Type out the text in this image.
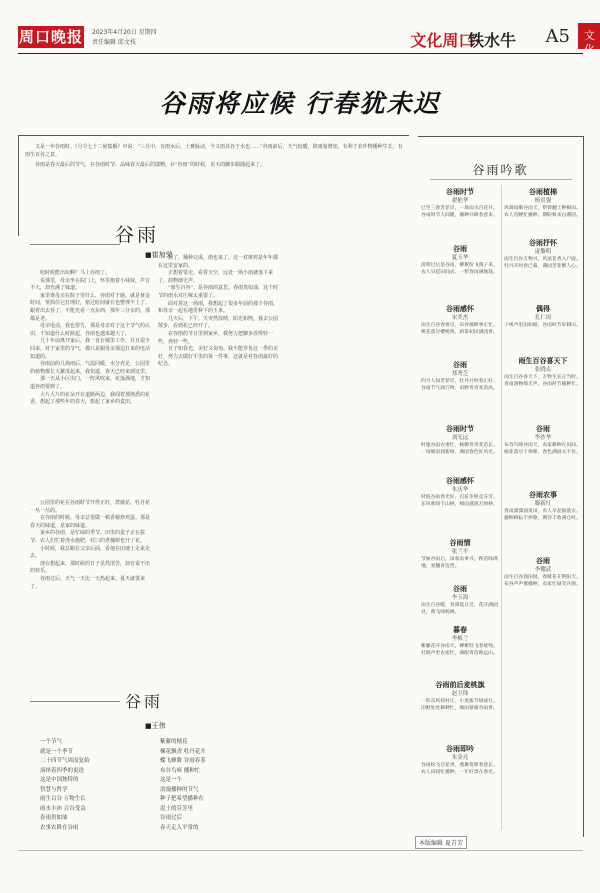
周口晚报 2023年4月20日 星期四
责任编辑 邱文枝	文化周口·
铁水牛 A5 文化
谷雨将应候 行春犹未迟

又是一年谷雨时。《月令七十二候集解》中说：“三月中，自雨水后，土膏脉动，今又雨其谷于水也……”谷雨前后，天气较暖，降雨量增加，有利于农作物播种生长，有雨生百谷之意。

谷雨是春天最后的节气，在谷雨时节，品味春天最后的馈赠，在“谷雨”的时候，见天的脚步跟随起来了。

谷雨
■崔加荣

哈时候能出玩啊？马上谷雨了。

说那里，母亲坐在院门上，怀里抱着小妹妹，声音不大，却充满了味道。

家里谁母亲在院子里什么，谷雨对于她，就是黄金时间，要抓住它打理好，错过时间就在也整理不上了。跟着出去看了，不能光看一点东西，那年三分亲的，那都是老。

母亲电话，我也要告，那是母亲对于这个节气的认识，不知道什么时候起，谷雨也越来越大了。

几十年前离开家后，我一直在城里工作，并且很少回来。对于家里的节气，都只是跟母亲那边打来的电话知道的。

谷雨前的几场雨后，气温回暖，水分充足，公园里的植物都长大繁茂起来，我知道，春天已经来到这里。

那一天从小区出门，一阵风吹来，花落满地，才知道谷雨要到了。

大片大片的花朵开在道路两边，我闻着那熟悉的花香，想起了那些年的春天，想起了家乡的麦田。

公园里的花在谷雨时节开得正旺，蔷薇花、牡丹花一丛一丛的。

在谷雨的时候，母亲总要做一顿香椿炒鸡蛋。那是春天的味道，是家的味道。

家乡的谷雨，是忙碌的季节。田里的麦子正在拔节，农人们忙着浇水施肥，村口的老槐树也开了花。

小时候，我总跟在父亲后面，看他在田埂上走来走去。

现在想起来，那时候的日子虽然清苦，却有说不出的快乐。

谷雨过后，天气一天比一天热起来，夏天就要来了。

到了，播种完成，雨也来了。这一对斑鸠是年年都在这里安家的。

正想着要走，看着天空，远处一场小雨就落下来了，润物细无声。

“雨生百谷”，是谷雨的意思。春雨贵如油，这个时节的雨水对庄稼太重要了。

面对着这一场雨，我想起了很多年前的那个谷雨，和母亲一起在地里种下的玉米。

几天后，下午，天突然放晴，阳光和煦，我去公园散步，看到花已经开了。

在谷雨的节日里到家乡，我努力把脚步放得轻一些，再轻一些。

日子如春光，美好又匆匆。我不能辜负这一季的美好，努力去做好手里的每一件事，这就是对谷雨最好的纪念。

谷雨
■王伟
一个节气
就是一个季节
二十四节气周而复始
演绎着四季的更迭
这是中国独特的
智慧与哲学
雨生百谷 万物生长
雨水丰沛 百谷受益
春雨贵如油
农事农耕在谷雨
紫藤的梗花
楝花飘香 牡丹花开
蝶飞蜂舞 谷雨春茶
布谷鸟啼 播种忙
这是一个
浪漫播种的节气
种子把希望播种在
泥土的芬芳里
谷雨过后
春天走入平常的
谷雨吟歌
谷雨时节
翟艳华
已至三春芳菲尽，一场雨水百花开。谷雨时节人间暖，播种开耕春意来。
谷雨
夏玉华
清明过后是谷雨，柳絮纷飞燕子来。农人早起田间去，一犁春雨满地栽。
谷雨感怀
宋美杰
雨生百谷春将尽，布谷催耕事正忙。桃花落尽樱桃熟，新茶初试满园香。
谷雨
郑秀芝
四月人间芳菲尽，牡丹开时春正好。谷雨节气润万物，田野青青麦苗高。
谷雨时节
刘光远
时逢谷雨农事忙，杨柳青青麦苗长。一场细雨润新绿，满园春色好风光。
谷雨感怀
朱庆华
时值谷雨春光好，百花争艳竞芬芳。东风吹绿千山树，细雨滋润万顷秧。
谷雨情
张兰平
节候谷雨后，田家农事兴。秧苗绿满地，麦穗青连营。
谷雨
李玉海
雨生百谷暖，春深夏日近。花开满园处，燕飞绿杨林。
暮春
李梅兰
紫藤花开谷雨天，柳絮轻飞春欲残。杜鹃声里农家忙，满眼青苗映远山。
谷雨前后麦桃旗
赵卫锋
一阵东风掠村庄，小麦拔节绿成行。田野处处耕种忙，细雨蒙蒙谷雨香。
谷雨即吟
朱金亮
谷雨纷飞百花香，燕舞莺啼春意长。农人田间忙播种，一年好景在春光。
谷雨植棉
杨景强
风调雨顺谷雨天，犁铧翻土种棉田。农人弯腰忙播种，期盼秋来白满园。
谷雨抒怀
庞黎明
雨生百谷万物兴，风送花香入户庭。牡丹开时春已暮，满园芳菲醉人心。
偶得
孔仁周
子规声里雨如烟，谷雨时节好耕田。
雨生百谷喜天下
张晓贞
雨生百谷喜天下，万物生长正当时。春雨润物细无声，谷雨时节播种忙。
谷雨
李沙华
布谷鸟啼谷雨天，农家耕种在田间。杨花落尽子规啼，春色满园关不住。
谷雨农事
滕新红
春雨潇潇润麦田，农人早起披蓑衣。播种耕耘不停歇，期待丰收满仓时。
谷雨
李耀武
雨生百谷润田园，春暖花开艳阳天。布谷声声催播种，农家忙碌笑开颜。
本版编辑 夏青芳
